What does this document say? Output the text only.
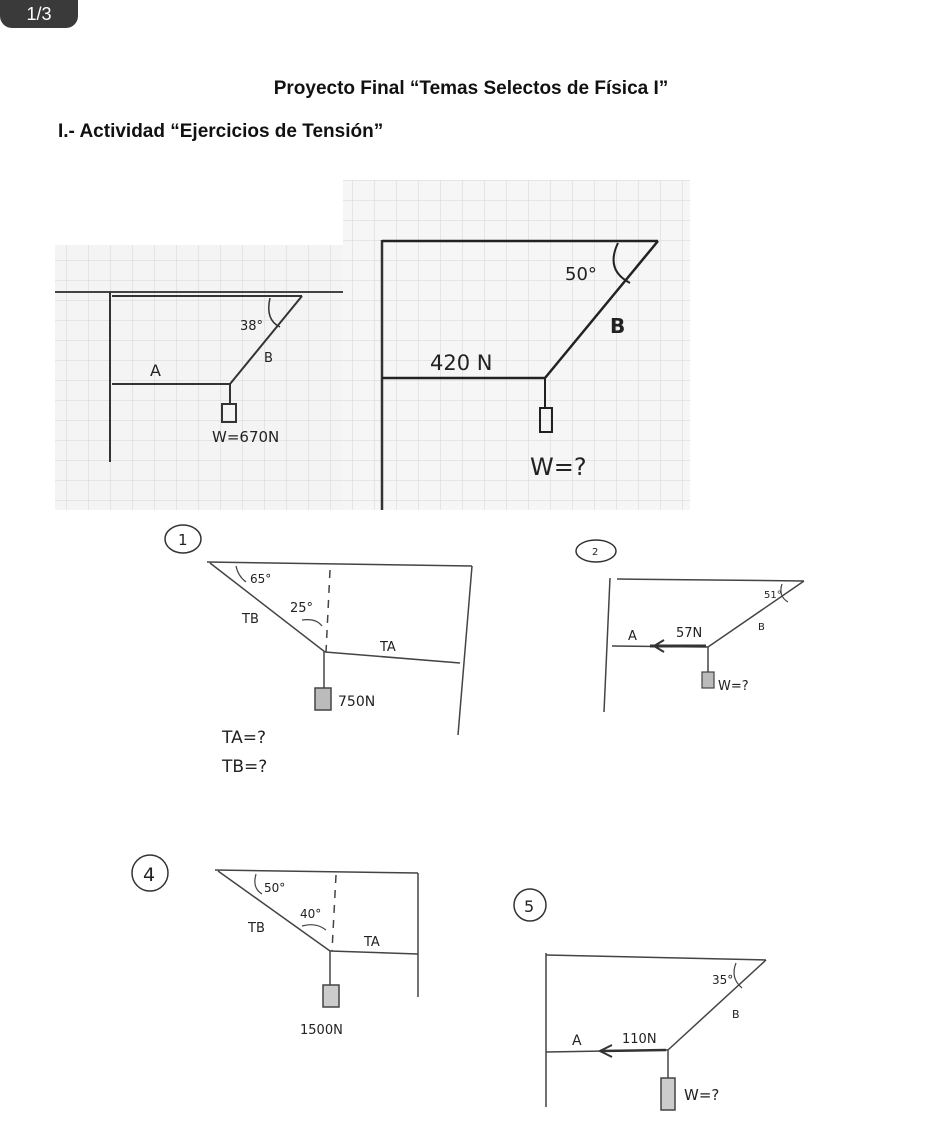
1/3
Proyecto Final “Temas Selectos de Física I”
I.- Actividad “Ejercicios de Tensión”
38°
A
B
W=670N
50°
B
420 N
W=?
1
65°
25°
TB
TA
750N
TA=?
TB=?
2
51°
A	57N	B
W=?
4
50°
40°
TB
TA
1500N
5
35°
B
A	110N
W=?
